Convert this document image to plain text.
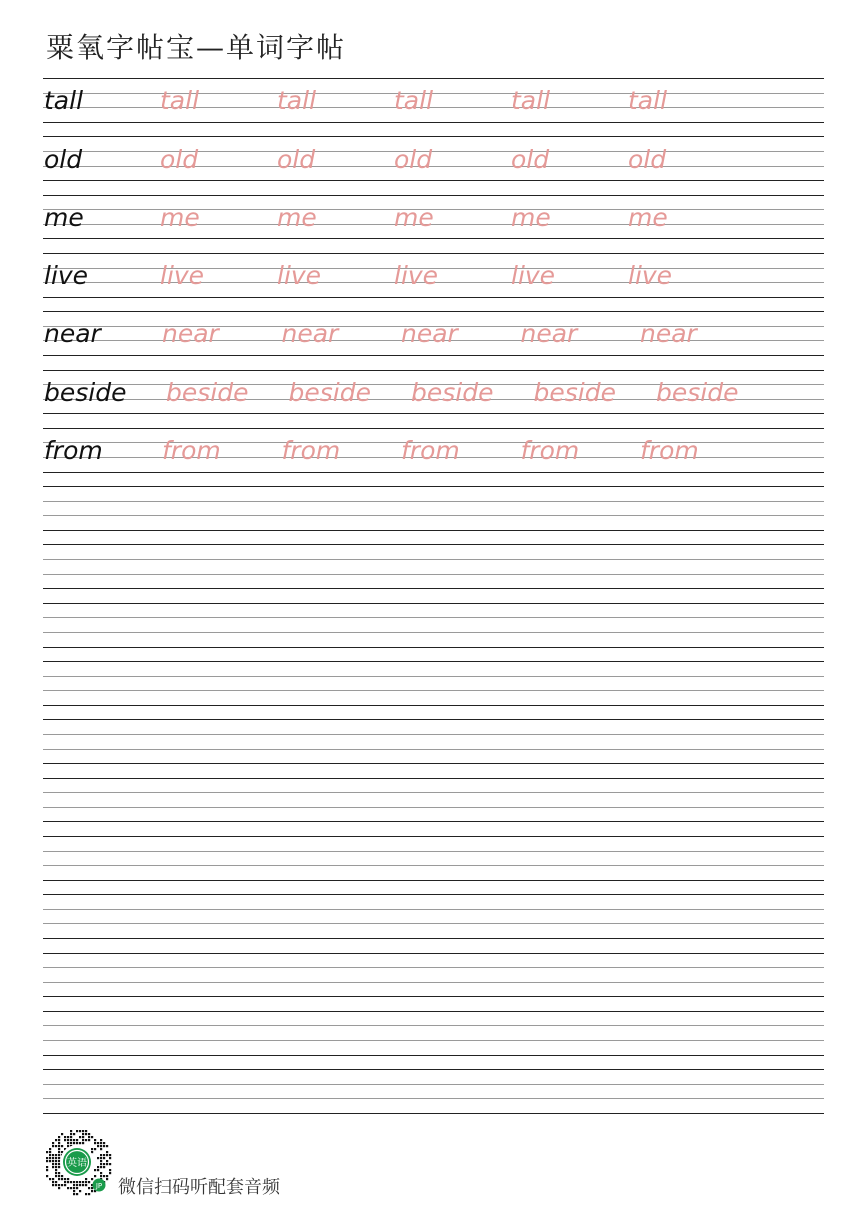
粟氧字帖宝—单词字帖
tall	tall	tall	tall	tall	tall
old	old	old	old	old	old
me	me	me	me	me	me
live	live	live	live	live	live
near near	near	near	near	near
beside beside beside beside beside beside
from from from from from from
英语
JP 微信扫码听配套音频
